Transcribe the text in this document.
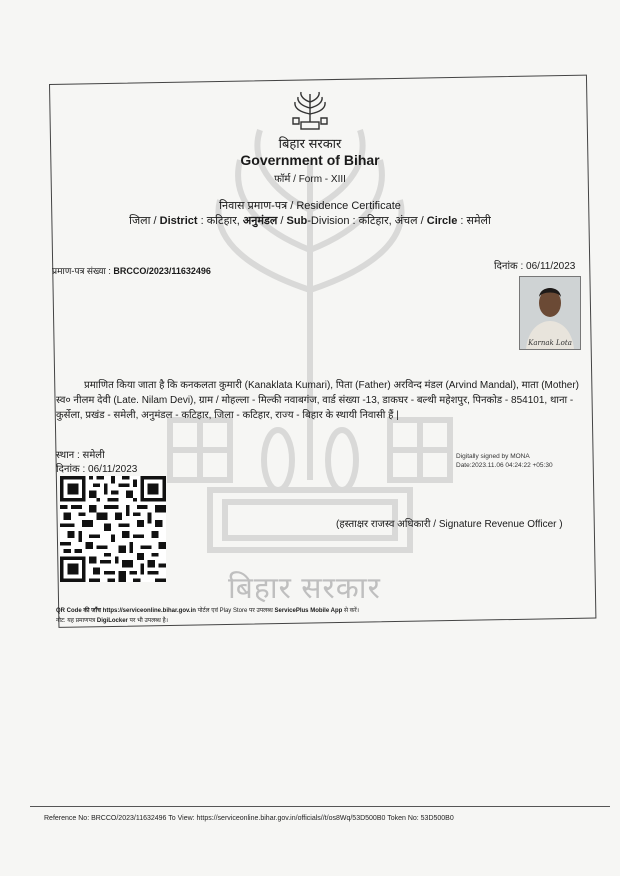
बिहार सरकार
Government of Bihar
फॉर्म / Form - XIII
निवास प्रमाण-पत्र / Residence Certificate
जिला / District : कटिहार, अनुमंडल / Sub-Division : कटिहार, अंचल / Circle : समेली
प्रमाण-पत्र संख्या : BRCCO/2023/11632496	दिनांक : 06/11/2023
Karnak Lota
प्रमाणित किया जाता है कि कनकलता कुमारी (Kanaklata Kumari), पिता (Father) अरविन्द मंडल (Arvind Mandal), माता (Mother) स्व० नीलम देवी (Late. Nilam Devi), ग्राम / मोहल्ला - मिल्की नवाबगंज, वार्ड संख्या -13, डाकघर - बल्थी महेशपुर, पिनकोड - 854101, थाना - कुर्सेला, प्रखंड - समेली, अनुमंडल - कटिहार, जिला - कटिहार, राज्य - बिहार के स्थायी निवासी हैं |
स्थान : समेली
दिनांक : 06/11/2023
Digitally signed by MONA
Date:2023.11.06 04:24:22 +05:30
(हस्ताक्षर राजस्व अधिकारी / Signature Revenue Officer )
बिहार सरकार
QR Code की जाँच https://serviceonline.bihar.gov.in पोर्टल एवं Play Store पर उपलब्ध ServicePlus Mobile App से करें।
नोट: यह प्रमाणपत्र DigiLocker पर भी उपलब्ध है।
Reference No: BRCCO/2023/11632496 To View: https://serviceonline.bihar.gov.in/officials//t/os8Wq/53D500B0 Token No: 53D500B0
